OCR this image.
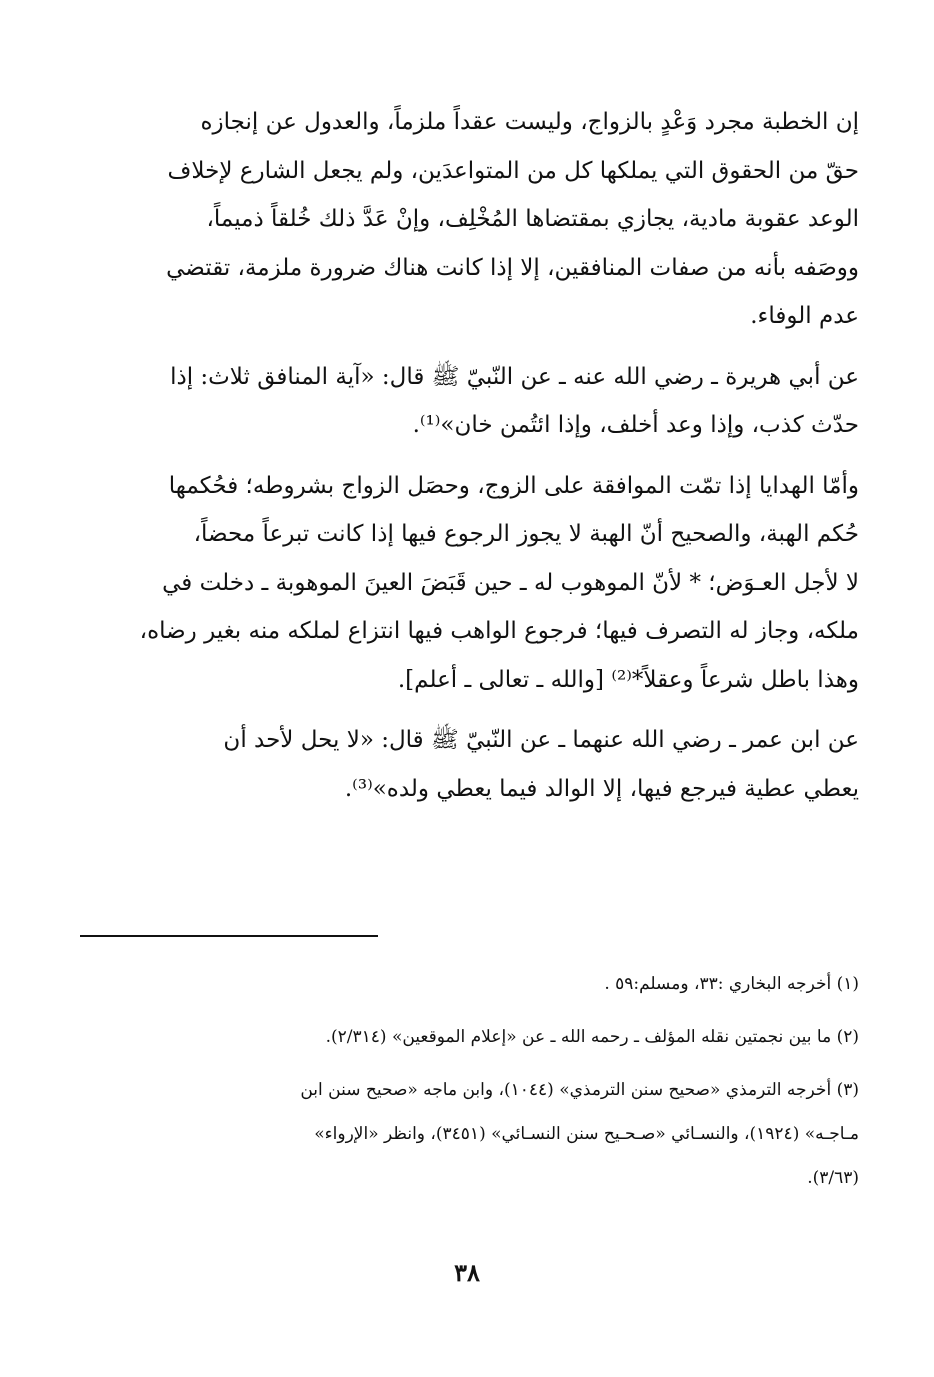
إن الخطبة مجرد وَعْدٍ بالزواج، وليست عقداً ملزماً، والعدول عن إنجازه
حقّ من الحقوق التي يملكها كل من المتواعدَين، ولم يجعل الشارع لإخلاف
الوعد عقوبة مادية، يجازي بمقتضاها المُخْلِف، وإنْ عَدَّ ذلك خُلقاً ذميماً،
ووصَفه بأنه من صفات المنافقين، إلا إذا كانت هناك ضرورة ملزمة، تقتضي
عدم الوفاء.

عن أبي هريرة ـ رضي الله عنه ـ عن النّبيّ ﷺ قال: «آية المنافق ثلاث: إذا
حدّث كذب، وإذا وعد أخلف، وإذا ائتُمن خان»⁽¹⁾.

وأمّا الهدايا إذا تمّت الموافقة على الزوج، وحصَل الزواج بشروطه؛ فحُكمها
حُكم الهبة، والصحيح أنّ الهبة لا يجوز الرجوع فيها إذا كانت تبرعاً محضاً،
لا لأجل العـوَض؛ * لأنّ الموهوب له ـ حين قَبَضَ العينَ الموهوبة ـ دخلت في
ملكه، وجاز له التصرف فيها؛ فرجوع الواهب فيها انتزاع لملكه منه بغير رضاه،
وهذا باطل شرعاً وعقلاً*⁽²⁾ [والله ـ تعالى ـ أعلم].

عن ابن عمر ـ رضي الله عنهما ـ عن النّبيّ ﷺ قال: «لا يحل لأحد أن
يعطي عطية فيرجع فيها، إلا الوالد فيما يعطي ولده»⁽³⁾.

(١) أخرجه البخاري :٣٣، ومسلم:٥٩ .

(٢) ما بين نجمتين نقله المؤلف ـ رحمه الله ـ عن «إعلام الموقعين» (٢/٣١٤).

(٣) أخرجه الترمذي «صحيح سنن الترمذي» (١٠٤٤)، وابن ماجه «صحيح سنن ابن
مـاجـه» (١٩٢٤)، والنسـائي «صـحـيح سنن النسـائي» (٣٤٥١)، وانظر «الإرواء»
(٣/٦٣).

٣٨
